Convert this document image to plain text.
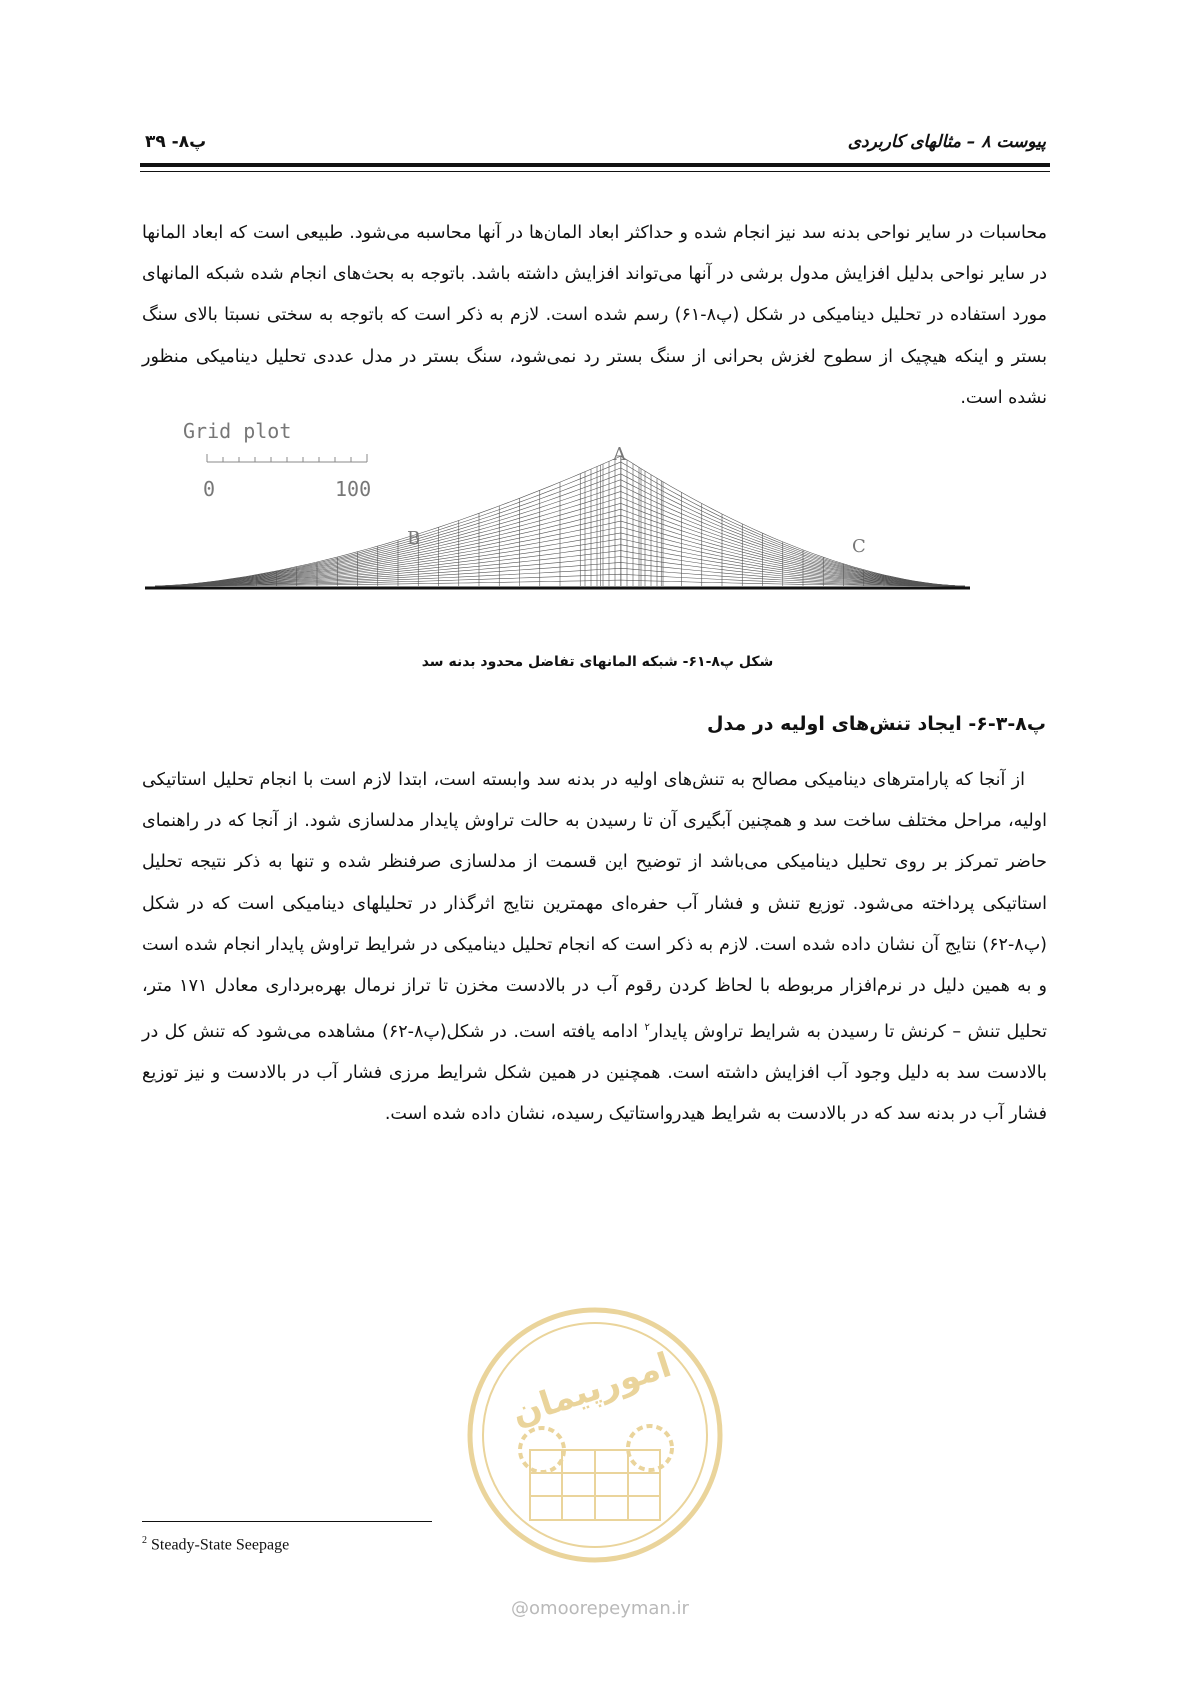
پیوست ۸ – مثالهای کاربردی
پ۸- ۳۹
محاسبات در سایر نواحی بدنه سد نیز انجام شده و حداکثر ابعاد المان‌ها در آنها محاسبه می‌شود. طبیعی است که ابعاد المانها در سایر نواحی بدلیل افزایش مدول برشی در آنها می‌تواند افزایش داشته باشد. باتوجه به بحث‌های انجام شده شبکه المانهای مورد استفاده در تحلیل دینامیکی در شکل (پ۸-۶۱) رسم شده است. لازم به ذکر است که باتوجه به سختی نسبتا بالای سنگ بستر و اینکه هیچیک از سطوح لغزش بحرانی از سنگ بستر رد نمی‌شود، سنگ بستر در مدل عددی تحلیل دینامیکی منظور نشده است.
Grid plot
0	100
A
B	C
شکل پ۸-۶۱- شبکه المانهای تفاضل محدود بدنه سد
پ۸-۳-۶- ایجاد تنش‌های اولیه در مدل
از آنجا که پارامترهای دینامیکی مصالح به تنش‌های اولیه در بدنه سد وابسته است، ابتدا لازم است با انجام تحلیل استاتیکی اولیه، مراحل مختلف ساخت سد و همچنین آبگیری آن تا رسیدن به حالت تراوش پایدار مدلسازی شود. از آنجا که در راهنمای حاضر تمرکز بر روی تحلیل دینامیکی می‌باشد از توضیح این قسمت از مدلسازی صرفنظر شده و تنها به ذکر نتیجه تحلیل استاتیکی پرداخته می‌شود. توزیع تنش و فشار آب حفره‌ای مهمترین نتایج اثرگذار در تحلیلهای دینامیکی است که در شکل (پ۸-۶۲) نتایج آن نشان داده شده است. لازم به ذکر است که انجام تحلیل دینامیکی در شرایط تراوش پایدار انجام شده است و به همین دلیل در نرم‌افزار مربوطه با لحاظ کردن رقوم آب در بالادست مخزن تا تراز نرمال بهره‌برداری معادل ۱۷۱ متر، تحلیل تنش – کرنش تا رسیدن به شرایط تراوش پایدار$^۲$ ادامه یافته است. در شکل(پ۸-۶۲) مشاهده می‌شود که تنش کل در بالادست سد به دلیل وجود آب افزایش داشته است. همچنین در همین شکل شرایط مرزی فشار آب در بالادست و نیز توزیع فشار آب در بدنه سد که در بالادست به شرایط هیدرواستاتیک رسیده، نشان داده شده است.
$^2$ Steady-State Seepage
امورپیمان
@omoorepeyman.ir
